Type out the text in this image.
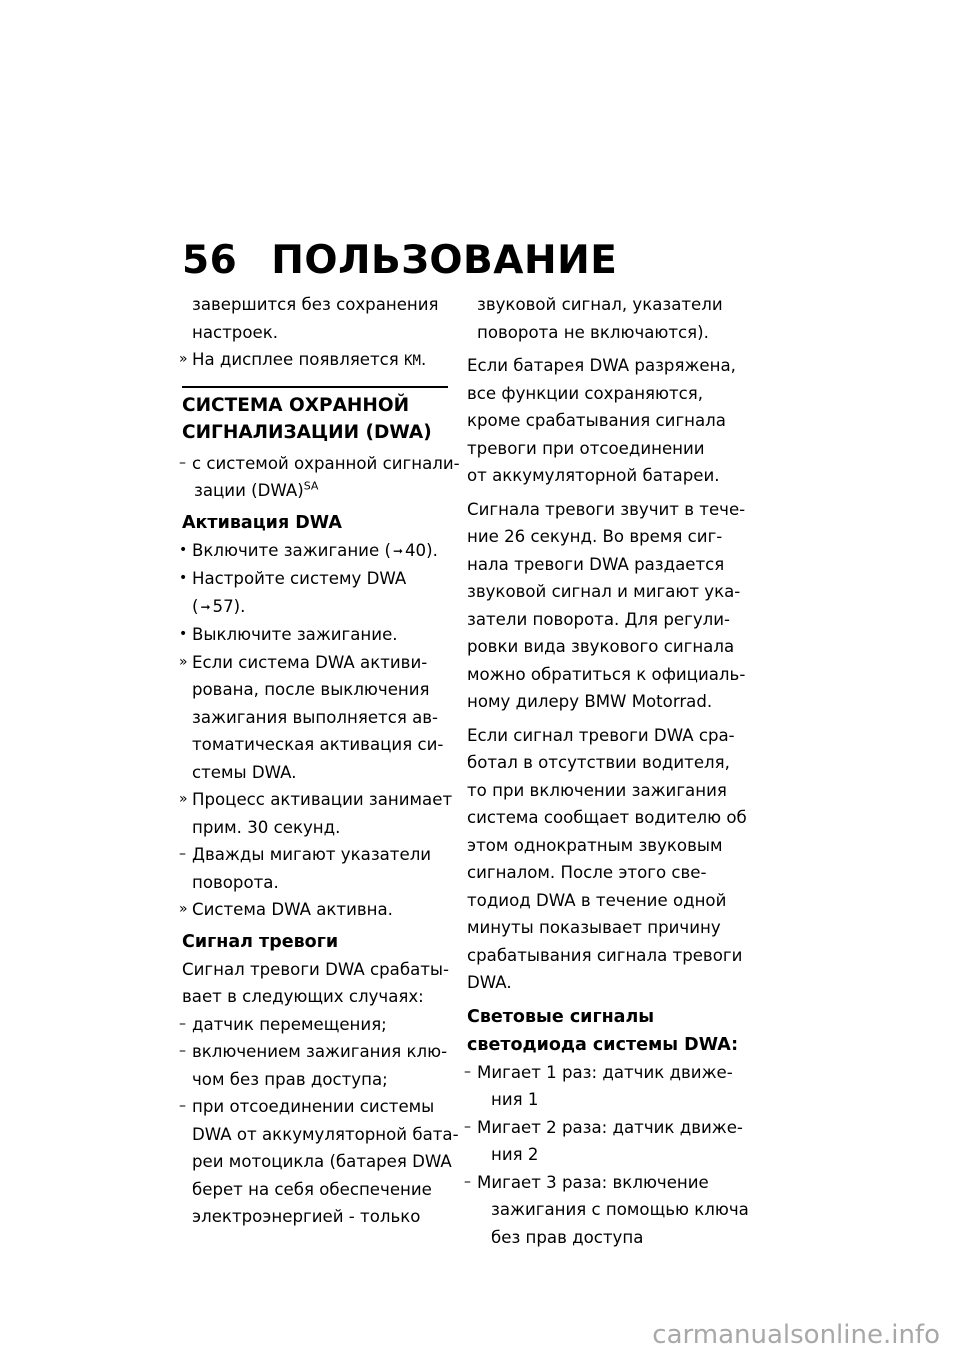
56 ПОЛЬЗОВАНИЕ
завершится без сохранения
настроек.
» На дисплее появляется KM.
СИСТЕМА ОХРАННОЙ
СИГНАЛИЗАЦИИ (DWA)
– с системой охранной сигнали-
зации (DWA)$^{SA}$
Активация DWA
• Включите зажигание ( ➞ 40).
• Настройте систему DWA
( ➞ 57).
• Выключите зажигание.
» Если система DWA активи-
рована, после выключения
зажигания выполняется ав-
томатическая активация си-
стемы DWA.
» Процесс активации занимает
прим. 30 секунд.
– Дважды мигают указатели
поворота.
» Система DWA активна.
Сигнал тревоги
Сигнал тревоги DWA срабаты-
вает в следующих случаях:
– датчик перемещения;
– включением зажигания клю-
чом без прав доступа;
– при отсоединении системы
DWA от аккумуляторной бата-
реи мотоцикла (батарея DWA
берет на себя обеспечение
электроэнергией - только
звуковой сигнал, указатели
поворота не включаются).
Если батарея DWA разряжена,
все функции сохраняются,
кроме срабатывания сигнала
тревоги при отсоединении
от аккумуляторной батареи.
Сигнала тревоги звучит в тече-
ние 26 секунд. Во время сиг-
нала тревоги DWA раздается
звуковой сигнал и мигают ука-
затели поворота. Для регули-
ровки вида звукового сигнала
можно обратиться к официаль-
ному дилеру BMW Motorrad.
Если сигнал тревоги DWA сра-
ботал в отсутствии водителя,
то при включении зажигания
система сообщает водителю об
этом однократным звуковым
сигналом. После этого све-
тодиод DWA в течение одной
минуты показывает причину
срабатывания сигнала тревоги
DWA.
Световые сигналы
светодиода системы DWA:
– Мигает 1 раз: датчик движе-
ния 1
– Мигает 2 раза: датчик движе-
ния 2
– Мигает 3 раза: включение
зажигания с помощью ключа
без прав доступа
carmanualsonline.info
